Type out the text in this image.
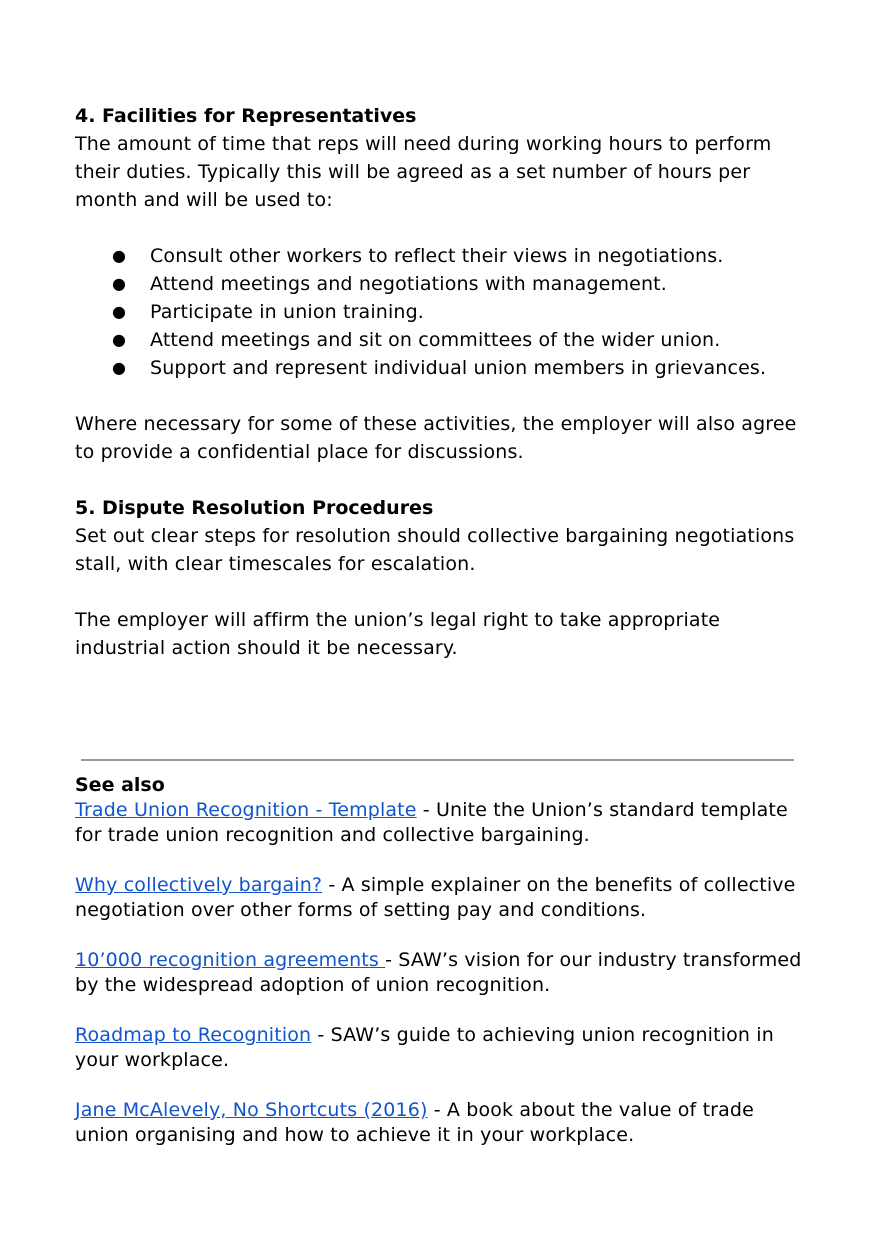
4. Facilities for Representatives

The amount of time that reps will need during working hours to perform their duties. Typically this will be agreed as a set number of hours per month and will be used to:

● Consult other workers to reflect their views in negotiations.
● Attend meetings and negotiations with management.
● Participate in union training.
● Attend meetings and sit on committees of the wider union.
● Support and represent individual union members in grievances.

Where necessary for some of these activities, the employer will also agree to provide a confidential place for discussions.

5. Dispute Resolution Procedures

Set out clear steps for resolution should collective bargaining negotiations stall, with clear timescales for escalation.

The employer will affirm the union’s legal right to take appropriate industrial action should it be necessary.

See also

Trade Union Recognition - Template - Unite the Union’s standard template for trade union recognition and collective bargaining.

Why collectively bargain? - A simple explainer on the benefits of collective negotiation over other forms of setting pay and conditions.

10’000 recognition agreements - SAW’s vision for our industry transformed by the widespread adoption of union recognition.

Roadmap to Recognition - SAW’s guide to achieving union recognition in your workplace.

Jane McAlevely, No Shortcuts (2016) - A book about the value of trade union organising and how to achieve it in your workplace.
